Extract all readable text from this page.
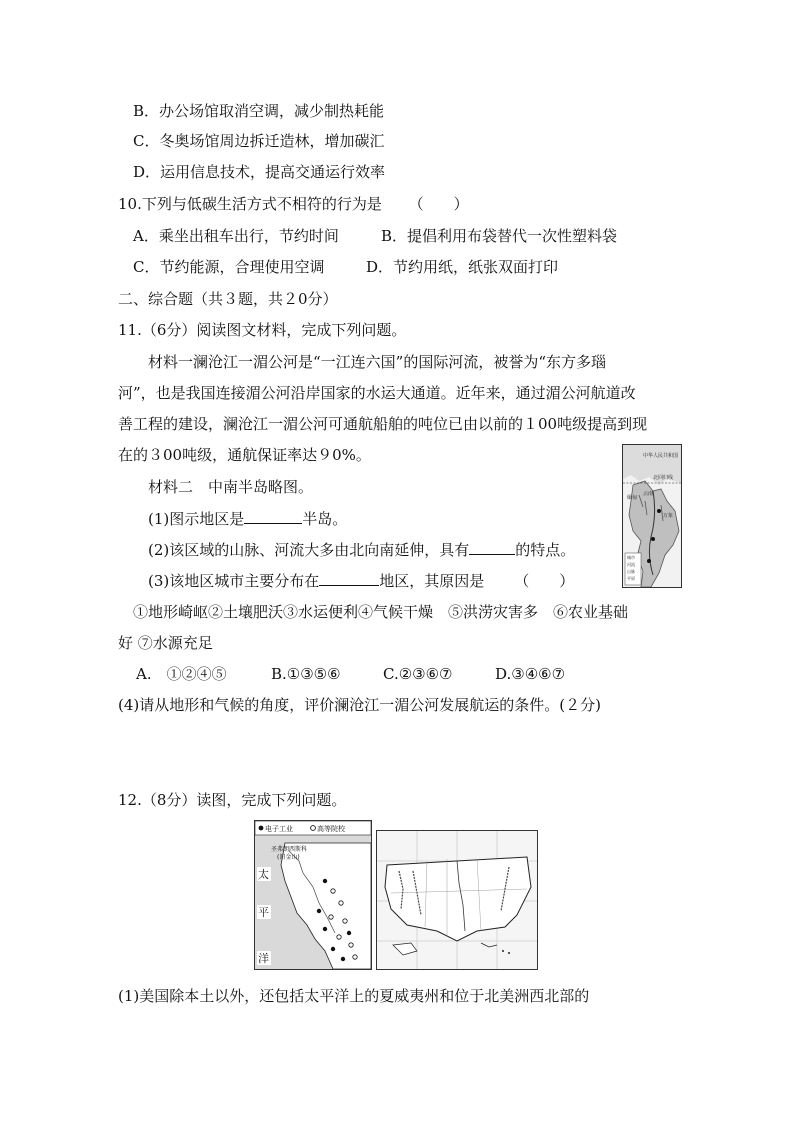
B．办公场馆取消空调，减少制热耗能
C．冬奥场馆周边拆迁造林，增加碳汇
D．运用信息技术，提高交通运行效率
10.下列与低碳生活方式不相符的行为是 （　　）
A．乘坐出租车出行，节约时间	B．提倡利用布袋替代一次性塑料袋
C．节约能源，合理使用空调	D．节约用纸，纸张双面打印
二、综合题（共３题，共２0分）
11.（6分）阅读图文材料，完成下列问题。
材料一澜沧江一湄公河是“一江连六国”的国际河流，被誉为“东方多瑙
河”，也是我国连接湄公河沿岸国家的水运大通道。近年来，通过湄公河航道改
善工程的建设，澜沧江一湄公河可通航船舶的吨位已由以前的１00吨级提高到现
在的３00吨级，通航保证率达９0%。
材料二　中南半岛略图。
(1)图示地区是	半岛。
(2)该区域的山脉、河流大多由北向南延伸，具有	的特点。
(3)该地区城市主要分布在	地区，其原因是 （　　）
①地形崎岖②土壤肥沃③水运便利④气候干燥　⑤洪涝灾害多　⑥农业基础
好 ⑦水源充足
A.　①②④⑤	B.①③⑤⑥	C.②③⑥⑦	D.③④⑥⑦
(4)请从地形和气候的角度，评价澜沧江一湄公河发展航运的条件。(２分)
中华人民共和国
北回归线
万象
缅甸
云南
城市
河流
山脉
平原
12.（8分）读图，完成下列问题。
电子工业	高等院校
圣弗朗西斯科
(旧金山)
太
平
洋
(1)美国除本土以外，还包括太平洋上的夏威夷州和位于北美洲西北部的
